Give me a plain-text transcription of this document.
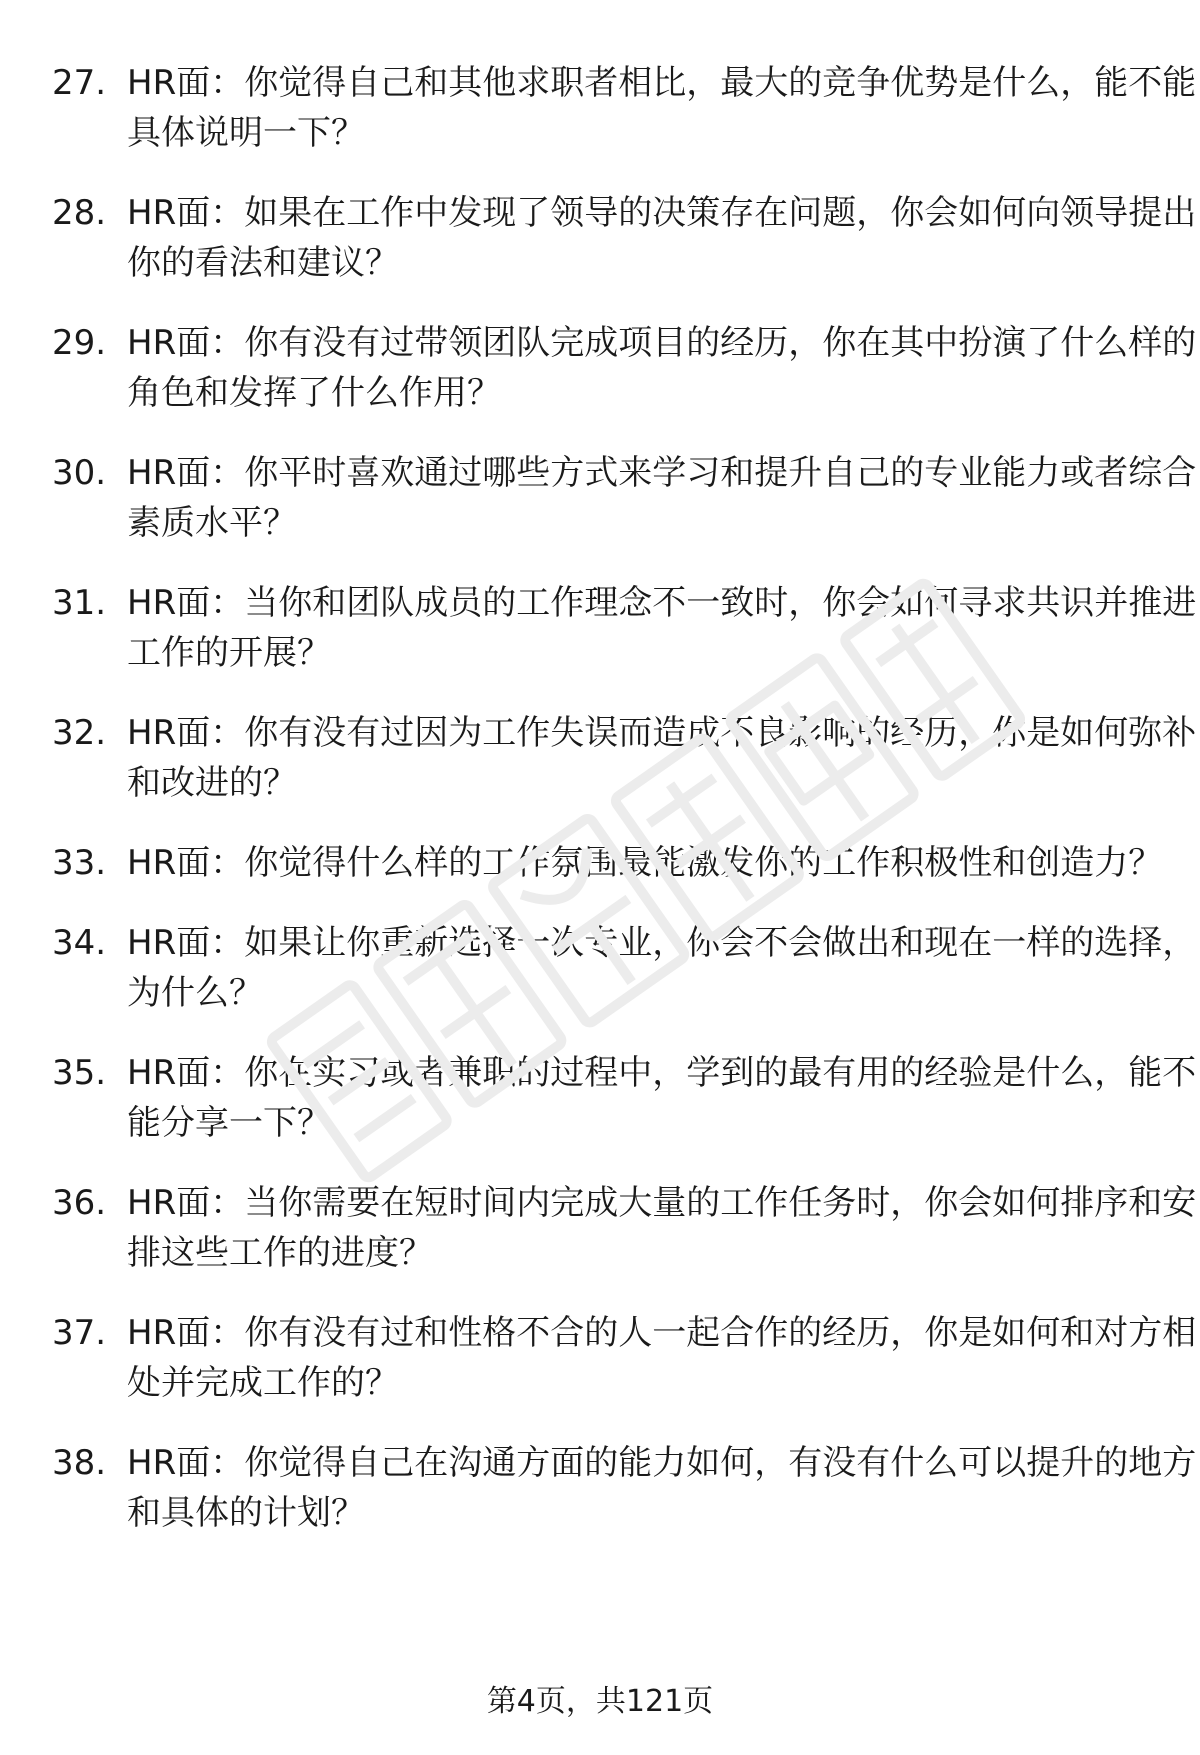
27. HR面：你觉得自己和其他求职者相比，最大的竞争优势是什么，能不能具体说明一下？
28. HR面：如果在工作中发现了领导的决策存在问题，你会如何向领导提出你的看法和建议？
29. HR面：你有没有过带领团队完成项目的经历，你在其中扮演了什么样的角色和发挥了什么作用？
30. HR面：你平时喜欢通过哪些方式来学习和提升自己的专业能力或者综合素质水平？
31. HR面：当你和团队成员的工作理念不一致时，你会如何寻求共识并推进工作的开展？
32. HR面：你有没有过因为工作失误而造成不良影响的经历，你是如何弥补和改进的？
33. HR面：你觉得什么样的工作氛围最能激发你的工作积极性和创造力？
34. HR面：如果让你重新选择一次专业，你会不会做出和现在一样的选择，为什么？
35. HR面：你在实习或者兼职的过程中，学到的最有用的经验是什么，能不能分享一下？
36. HR面：当你需要在短时间内完成大量的工作任务时，你会如何排序和安排这些工作的进度？
37. HR面：你有没有过和性格不合的人一起合作的经历，你是如何和对方相处并完成工作的？
38. HR面：你觉得自己在沟通方面的能力如何，有没有什么可以提升的地方和具体的计划？
第4页，共121页
